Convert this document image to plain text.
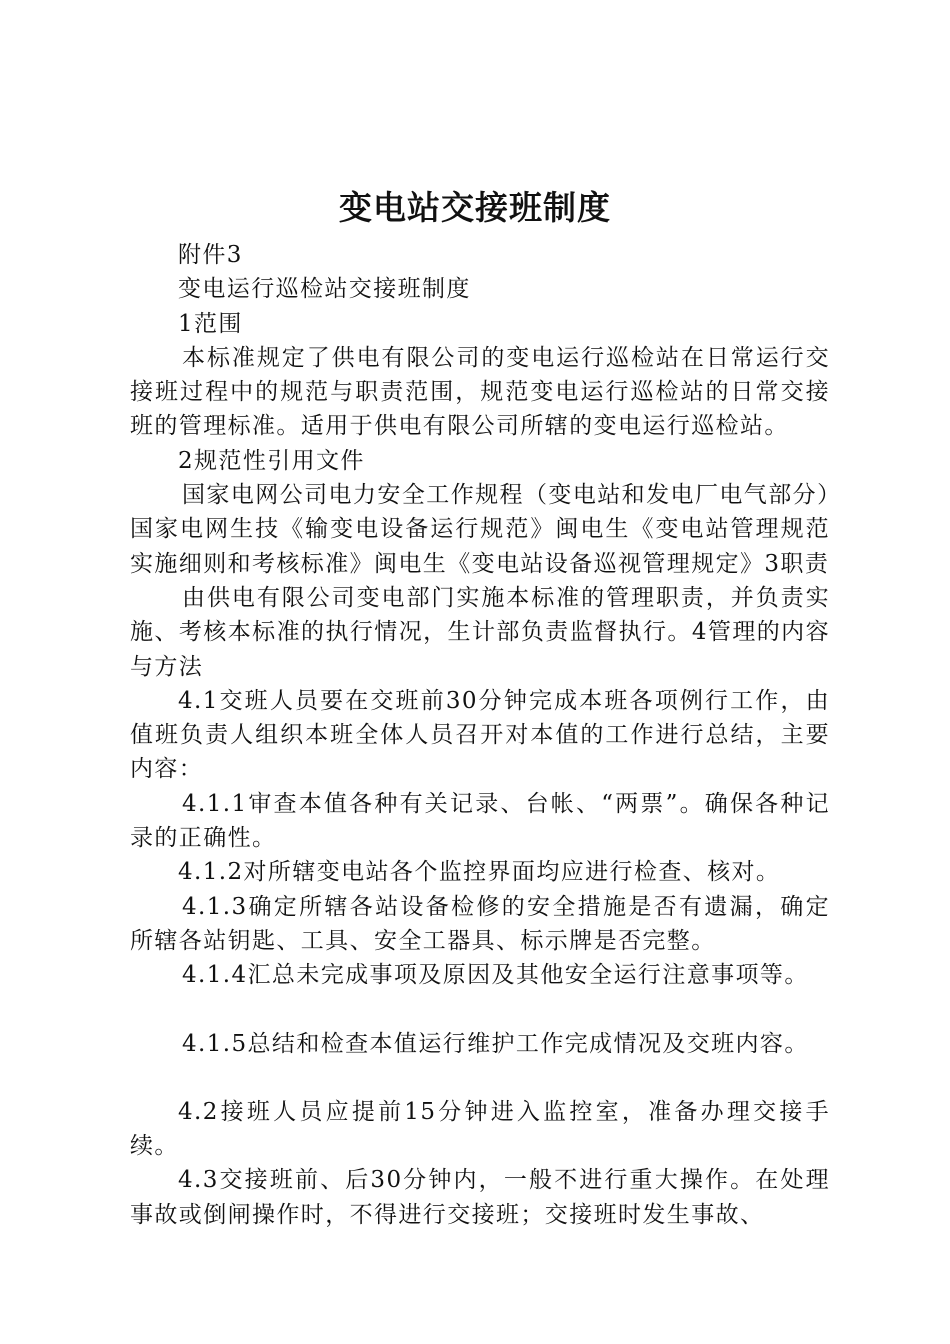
变电站交接班制度

附件3

变电运行巡检站交接班制度

1范围

本标准规定了供电有限公司的变电运行巡检站在日常运行交接班过程中的规范与职责范围，规范变电运行巡检站的日常交接班的管理标准。适用于供电有限公司所辖的变电运行巡检站。

2规范性引用文件

国家电网公司电力安全工作规程（变电站和发电厂电气部分）国家电网生技《输变电设备运行规范》闽电生《变电站管理规范实施细则和考核标准》闽电生《变电站设备巡视管理规定》3职责

由供电有限公司变电部门实施本标准的管理职责，并负责实施、考核本标准的执行情况，生计部负责监督执行。4管理的内容与方法

4.1交班人员要在交班前30分钟完成本班各项例行工作，由值班负责人组织本班全体人员召开对本值的工作进行总结，主要内容：

4.1.1审查本值各种有关记录、台帐、“两票”。确保各种记录的正确性。

4.1.2对所辖变电站各个监控界面均应进行检查、核对。

4.1.3确定所辖各站设备检修的安全措施是否有遗漏，确定所辖各站钥匙、工具、安全工器具、标示牌是否完整。

4.1.4汇总未完成事项及原因及其他安全运行注意事项等。

4.1.5总结和检查本值运行维护工作完成情况及交班内容。

4.2接班人员应提前15分钟进入监控室，准备办理交接手续。

4.3交接班前、后30分钟内，一般不进行重大操作。在处理事故或倒闸操作时，不得进行交接班；交接班时发生事故、
